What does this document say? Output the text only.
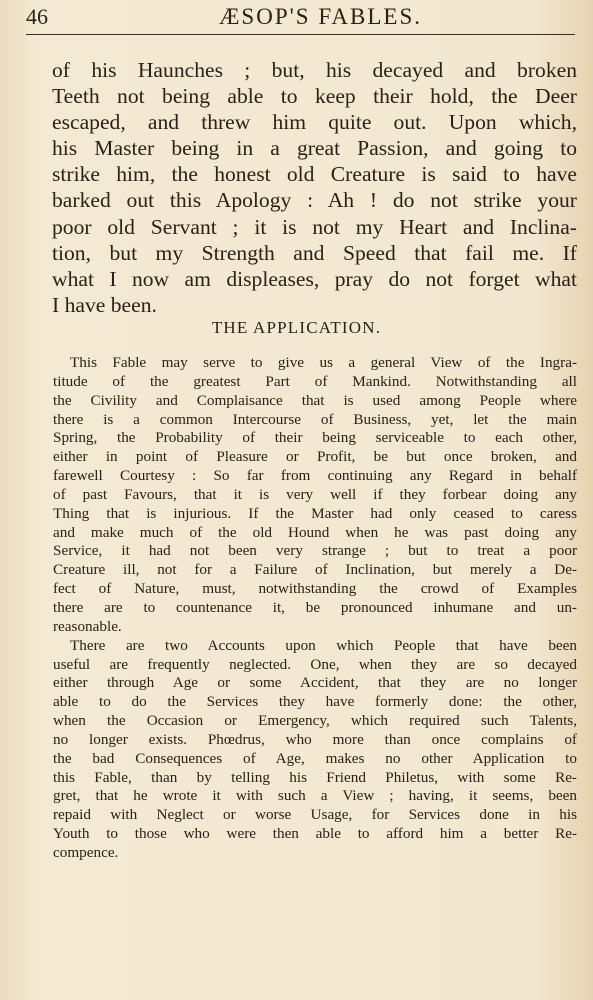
46	ÆSOP'S FABLES.
of his Haunches ; but, his decayed and broken
Teeth not being able to keep their hold, the Deer
escaped, and threw him quite out. Upon which,
his Master being in a great Passion, and going to
strike him, the honest old Creature is said to have
barked out this Apology : Ah ! do not strike your
poor old Servant ; it is not my Heart and Inclina-
tion, but my Strength and Speed that fail me. If
what I now am displeases, pray do not forget what
I have been.
THE APPLICATION.
This Fable may serve to give us a general View of the Ingra-
titude of the greatest Part of Mankind. Notwithstanding all
the Civility and Complaisance that is used among People where
there is a common Intercourse of Business, yet, let the main
Spring, the Probability of their being serviceable to each other,
either in point of Pleasure or Profit, be but once broken, and
farewell Courtesy : So far from continuing any Regard in behalf
of past Favours, that it is very well if they forbear doing any
Thing that is injurious. If the Master had only ceased to caress
and make much of the old Hound when he was past doing any
Service, it had not been very strange ; but to treat a poor
Creature ill, not for a Failure of Inclination, but merely a De-
fect of Nature, must, notwithstanding the crowd of Examples
there are to countenance it, be pronounced inhumane and un-
reasonable.
There are two Accounts upon which People that have been
useful are frequently neglected. One, when they are so decayed
either through Age or some Accident, that they are no longer
able to do the Services they have formerly done: the other,
when the Occasion or Emergency, which required such Talents,
no longer exists. Phœdrus, who more than once complains of
the bad Consequences of Age, makes no other Application to
this Fable, than by telling his Friend Philetus, with some Re-
gret, that he wrote it with such a View ; having, it seems, been
repaid with Neglect or worse Usage, for Services done in his
Youth to those who were then able to afford him a better Re-
compence.
